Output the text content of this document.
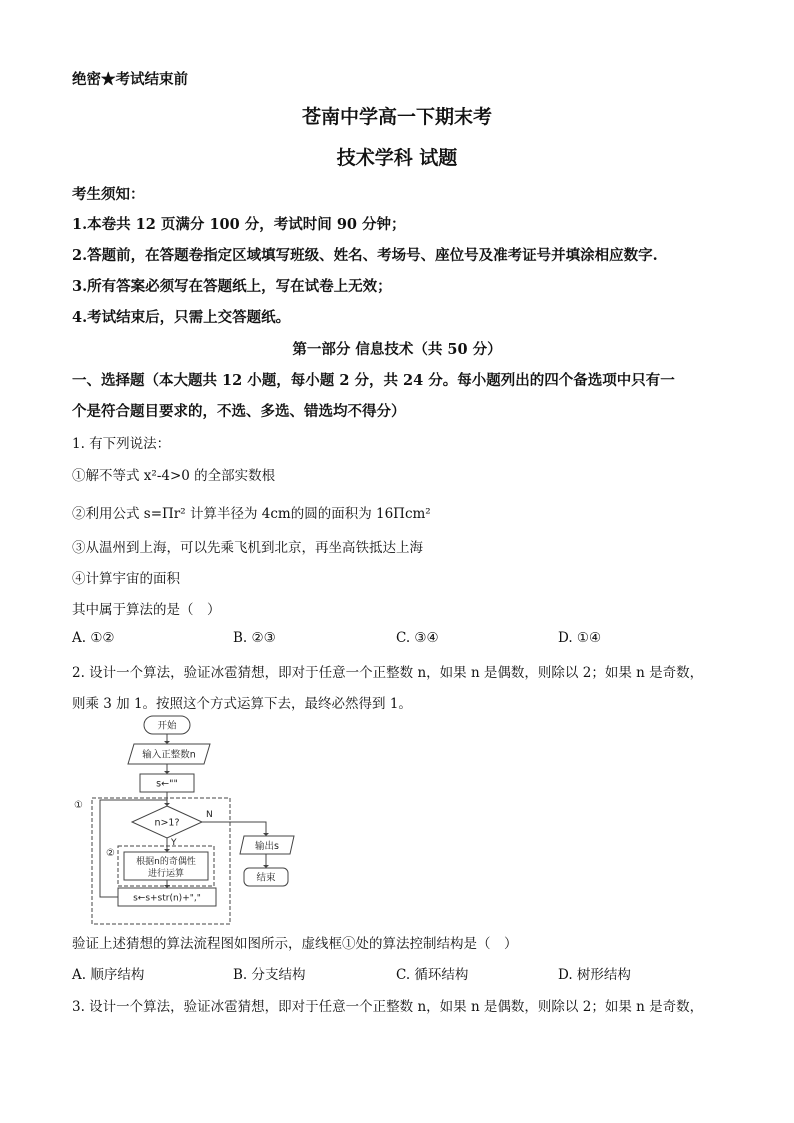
绝密★考试结束前
苍南中学高一下期末考
技术学科 试题
考生须知：
1.本卷共 12 页满分 100 分，考试时间 90 分钟；
2.答题前，在答题卷指定区域填写班级、姓名、考场号、座位号及准考证号并填涂相应数字.
3.所有答案必须写在答题纸上，写在试卷上无效；
4.考试结束后，只需上交答题纸。
第一部分 信息技术（共 50 分）
一、选择题（本大题共 12 小题，每小题 2 分，共 24 分。每小题列出的四个备选项中只有一
个是符合题目要求的，不选、多选、错选均不得分）
1. 有下列说法：
①解不等式 x²-4>0 的全部实数根
②利用公式 s=Πr² 计算半径为 4cm的圆的面积为 16Πcm²
③从温州到上海，可以先乘飞机到北京，再坐高铁抵达上海
④计算宇宙的面积
其中属于算法的是（　）
A. ①②	B. ②③	C. ③④	D. ①④
2. 设计一个算法，验证冰雹猜想，即对于任意一个正整数 n，如果 n 是偶数，则除以 2；如果 n 是奇数，
则乘 3 加 1。按照这个方式运算下去，最终必然得到 1。
开始
输入正整数n
s←""
n>1?
N
Y
根据n的奇偶性
进行运算
s←s+str(n)+","
输出s
结束
①
②
验证上述猜想的算法流程图如图所示，虚线框①处的算法控制结构是（　）
A. 顺序结构	B. 分支结构	C. 循环结构	D. 树形结构
3. 设计一个算法，验证冰雹猜想，即对于任意一个正整数 n，如果 n 是偶数，则除以 2；如果 n 是奇数，
